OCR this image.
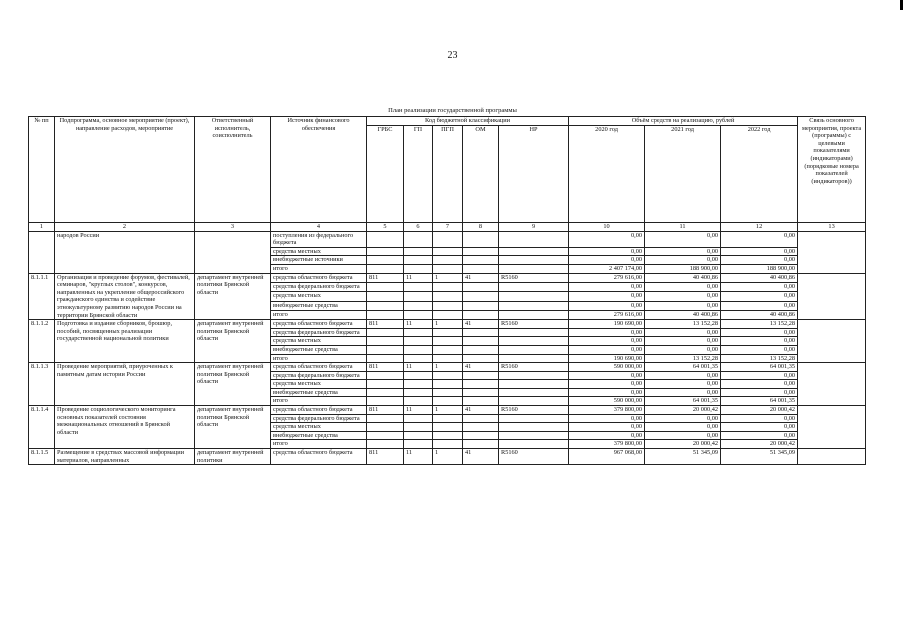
23
План реализации государственной программы
№ пп	Подпрограмма, основное мероприятие (проект), направление расходов, мероприятие	Ответственный исполнитель, соисполнитель	Источник финансового обеспечения	Код бюджетной классификации					Объём средств на реализацию, рублей			Связь основного мероприятия, проекта (программы) с целевыми показателями (индикаторами) (порядковые номера показателей (индикаторов))
				ГРБС	ГП	ПГП	ОМ	НР	2020 год	2021 год	2022 год	
1	2	3	4	5	6	7	8	9	10	11	12	13
	народов России		поступления из федерального бюджета						0,00	0,00	0,00	
			средства местных						0,00	0,00	0,00	
			внебюджетные источники						0,00	0,00	0,00	
			итого						2 407 174,00	188 900,00	188 900,00	
8.1.1.1	Организация и проведение форумов, фестивалей, семинаров, "круглых столов", конкурсов, направленных на укрепление общероссийского гражданского единства и содействие этнокультурному развитию народов России на территории Брянской области	департамент внутренней политики Брянской области	средства областного бюджета	811	11	1	41	R5160	279 616,00	40 400,86	40 400,86	
			средства федерального бюджета						0,00	0,00	0,00	
			средства местных						0,00	0,00	0,00	
			внебюджетные средства						0,00	0,00	0,00	
			итого						279 616,00	40 400,86	40 400,86	
8.1.1.2	Подготовка и издание сборников, брошюр, пособий, посвященных реализации государственной национальной политики	департамент внутренней политики Брянской области	средства областного бюджета	811	11	1	41	R5160	190 690,00	13 152,28	13 152,28	
			средства федерального бюджета						0,00	0,00	0,00	
			средства местных						0,00	0,00	0,00	
			внебюджетные средства						0,00	0,00	0,00	
			итого						190 690,00	13 152,28	13 152,28	
8.1.1.3	Проведение мероприятий, приуроченных к памятным датам истории России	департамент внутренней политики Брянской области	средства областного бюджета	811	11	1	41	R5160	590 000,00	64 001,35	64 001,35	
			средства федерального бюджета						0,00	0,00	0,00	
			средства местных						0,00	0,00	0,00	
			внебюджетные средства						0,00	0,00	0,00	
			итого						590 000,00	64 001,35	64 001,35	
8.1.1.4	Проведение социологического мониторинга основных показателей состояния межнациональных отношений в Брянской области	департамент внутренней политики Брянской области	средства областного бюджета	811	11	1	41	R5160	379 800,00	20 000,42	20 000,42	
			средства федерального бюджета						0,00	0,00	0,00	
			средства местных						0,00	0,00	0,00	
			внебюджетные средства						0,00	0,00	0,00	
			итого						379 800,00	20 000,42	20 000,42	
8.1.1.5	Размещение в средствах массовой информации материалов, направленных	департамент внутренней политики	средства областного бюджета	811	11	1	41	R5160	967 068,00	51 345,09	51 345,09	
